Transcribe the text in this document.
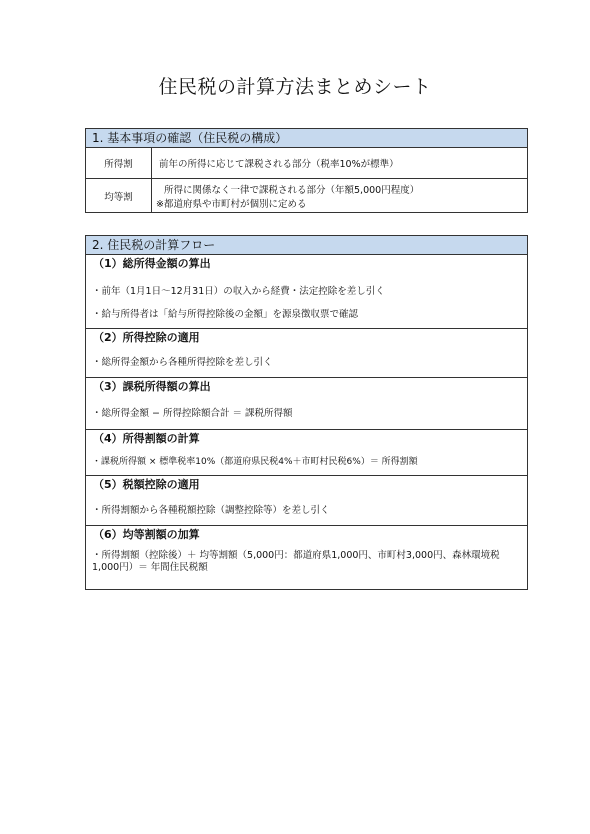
住民税の計算方法まとめシート
1. 基本事項の確認（住民税の構成）
所得割	前年の所得に応じて課税される部分（税率10%が標準）
均等割
所得に関係なく一律で課税される部分（年額5,000円程度）
※都道府県や市町村が個別に定める
2. 住民税の計算フロー
（1）総所得金額の算出
・前年（1月1日〜12月31日）の収入から経費・法定控除を差し引く
・給与所得者は「給与所得控除後の金額」を源泉徴収票で確認
（2）所得控除の適用
・総所得金額から各種所得控除を差し引く
（3）課税所得額の算出
・総所得金額 − 所得控除額合計 ＝ 課税所得額
（4）所得割額の計算
・課税所得額 × 標準税率10%（都道府県民税4%＋市町村民税6%）＝ 所得割額
（5）税額控除の適用
・所得割額から各種税額控除（調整控除等）を差し引く
（6）均等割額の加算
・所得割額（控除後）＋ 均等割額（5,000円：都道府県1,000円、市町村3,000円、森林環境税1,000円）＝ 年間住民税額
